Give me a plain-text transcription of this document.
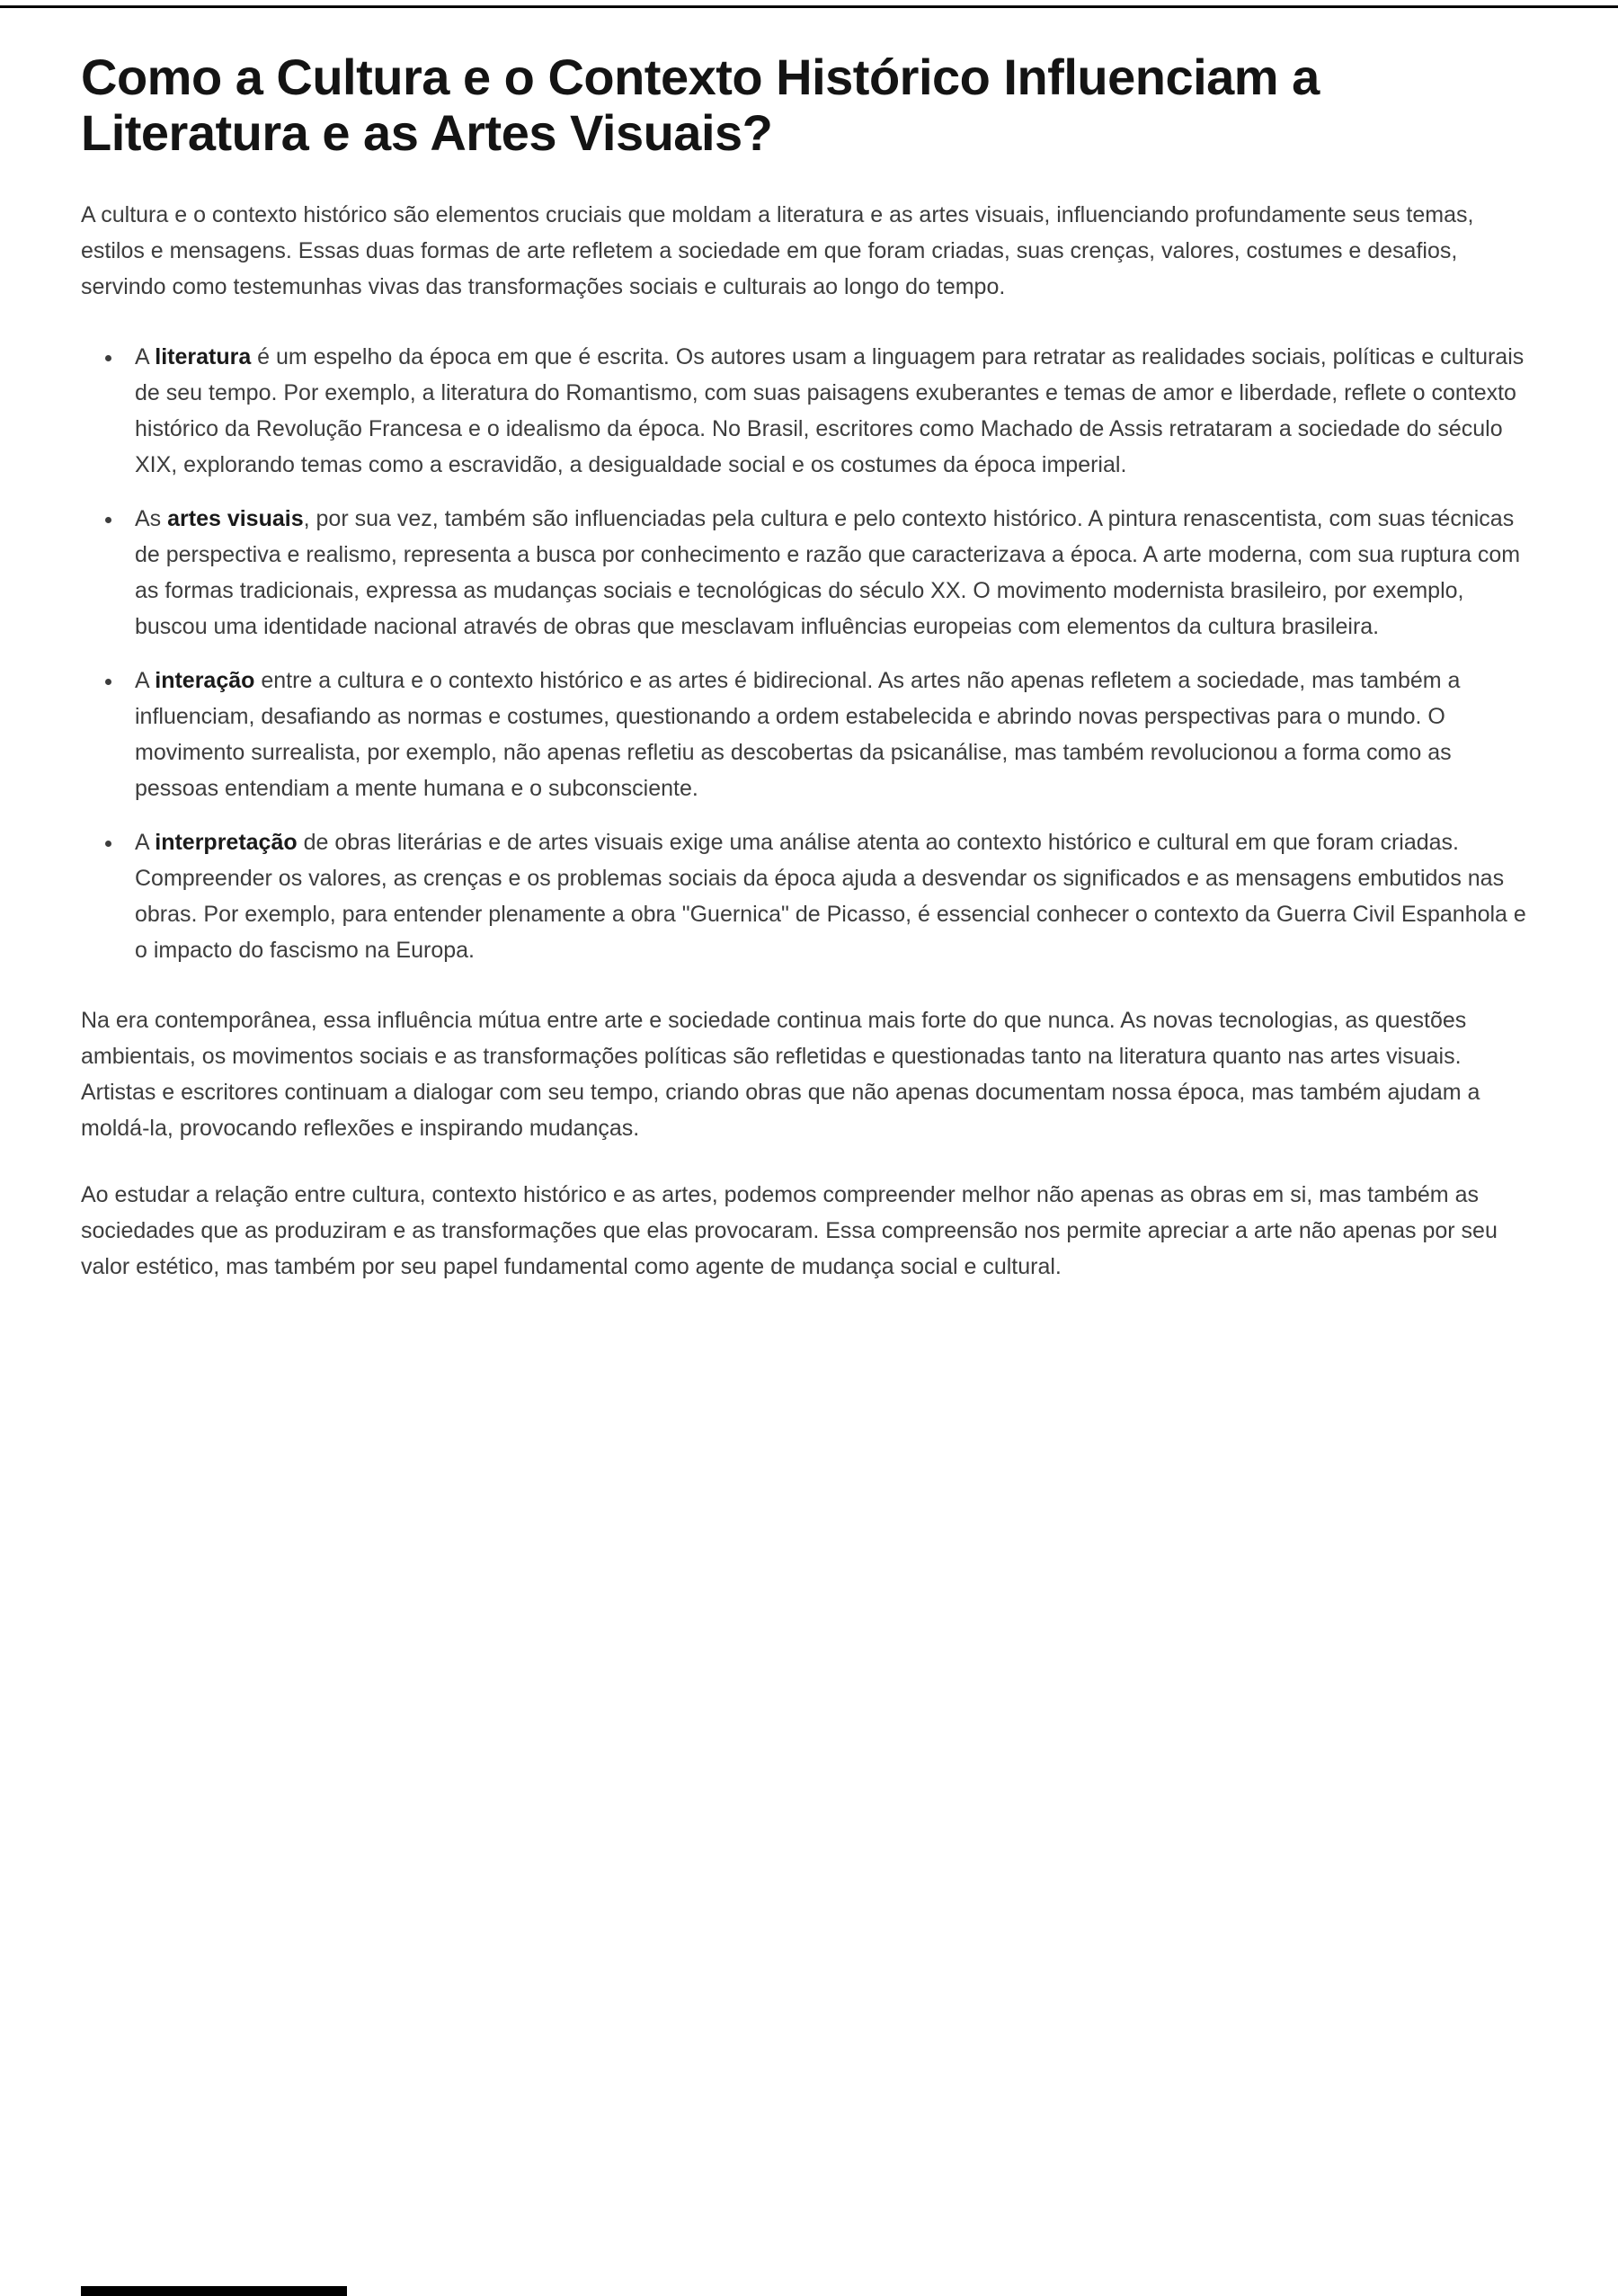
Como a Cultura e o Contexto Histórico Influenciam a Literatura e as Artes Visuais?

A cultura e o contexto histórico são elementos cruciais que moldam a literatura e as artes visuais, influenciando profundamente seus temas, estilos e mensagens. Essas duas formas de arte refletem a sociedade em que foram criadas, suas crenças, valores, costumes e desafios, servindo como testemunhas vivas das transformações sociais e culturais ao longo do tempo.

• A literatura é um espelho da época em que é escrita. Os autores usam a linguagem para retratar as realidades sociais, políticas e culturais de seu tempo. Por exemplo, a literatura do Romantismo, com suas paisagens exuberantes e temas de amor e liberdade, reflete o contexto histórico da Revolução Francesa e o idealismo da época. No Brasil, escritores como Machado de Assis retrataram a sociedade do século XIX, explorando temas como a escravidão, a desigualdade social e os costumes da época imperial.
• As artes visuais, por sua vez, também são influenciadas pela cultura e pelo contexto histórico. A pintura renascentista, com suas técnicas de perspectiva e realismo, representa a busca por conhecimento e razão que caracterizava a época. A arte moderna, com sua ruptura com as formas tradicionais, expressa as mudanças sociais e tecnológicas do século XX. O movimento modernista brasileiro, por exemplo, buscou uma identidade nacional através de obras que mesclavam influências europeias com elementos da cultura brasileira.
• A interação entre a cultura e o contexto histórico e as artes é bidirecional. As artes não apenas refletem a sociedade, mas também a influenciam, desafiando as normas e costumes, questionando a ordem estabelecida e abrindo novas perspectivas para o mundo. O movimento surrealista, por exemplo, não apenas refletiu as descobertas da psicanálise, mas também revolucionou a forma como as pessoas entendiam a mente humana e o subconsciente.
• A interpretação de obras literárias e de artes visuais exige uma análise atenta ao contexto histórico e cultural em que foram criadas. Compreender os valores, as crenças e os problemas sociais da época ajuda a desvendar os significados e as mensagens embutidos nas obras. Por exemplo, para entender plenamente a obra "Guernica" de Picasso, é essencial conhecer o contexto da Guerra Civil Espanhola e o impacto do fascismo na Europa.

Na era contemporânea, essa influência mútua entre arte e sociedade continua mais forte do que nunca. As novas tecnologias, as questões ambientais, os movimentos sociais e as transformações políticas são refletidas e questionadas tanto na literatura quanto nas artes visuais. Artistas e escritores continuam a dialogar com seu tempo, criando obras que não apenas documentam nossa época, mas também ajudam a moldá-la, provocando reflexões e inspirando mudanças.

Ao estudar a relação entre cultura, contexto histórico e as artes, podemos compreender melhor não apenas as obras em si, mas também as sociedades que as produziram e as transformações que elas provocaram. Essa compreensão nos permite apreciar a arte não apenas por seu valor estético, mas também por seu papel fundamental como agente de mudança social e cultural.
